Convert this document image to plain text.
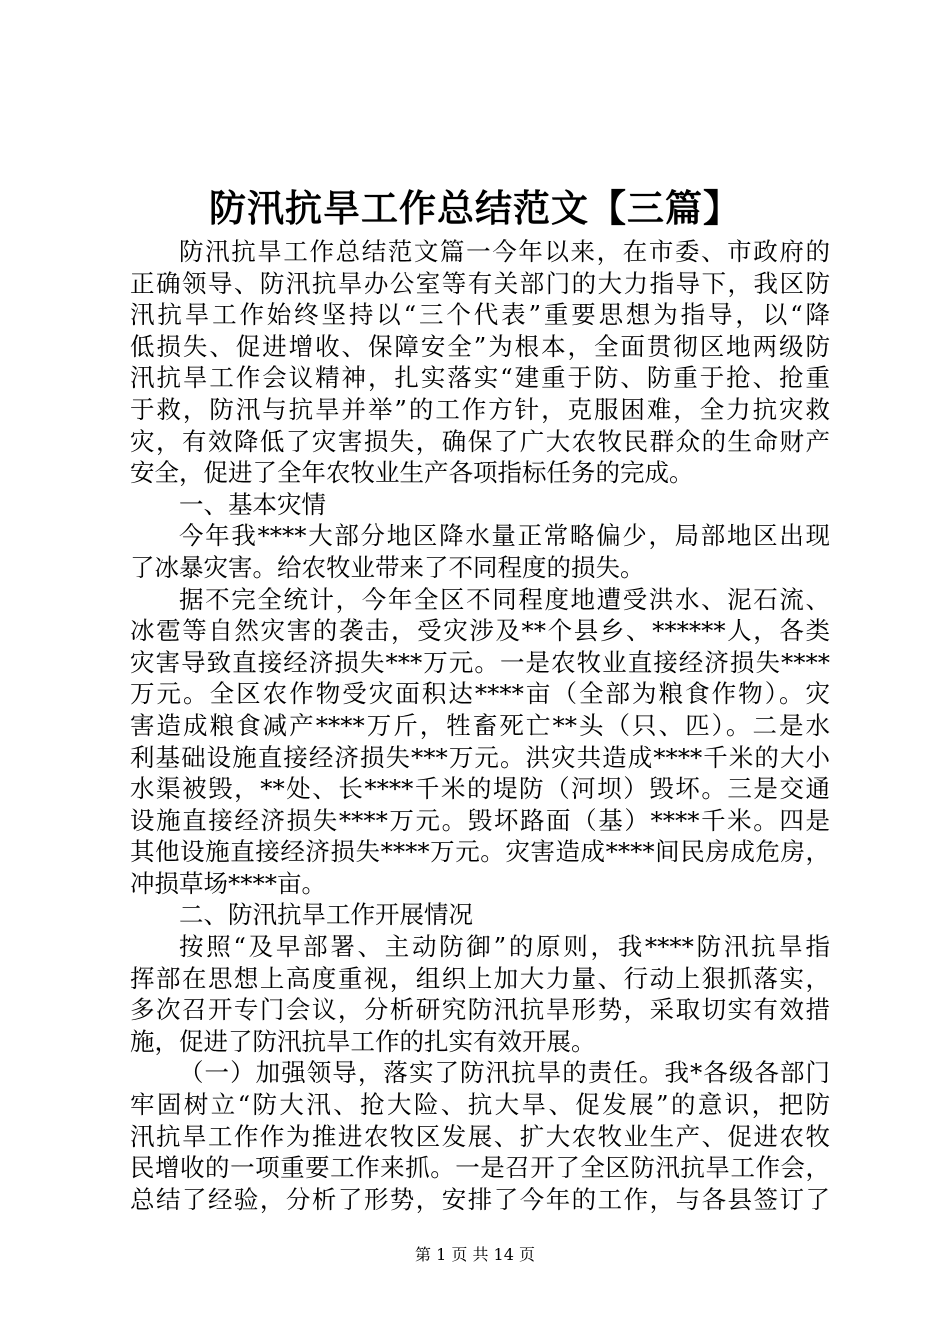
防汛抗旱工作总结范文【三篇】
防汛抗旱工作总结范文篇一今年以来，在市委、市政府的
正确领导、防汛抗旱办公室等有关部门的大力指导下，我区防
汛抗旱工作始终坚持以“三个代表”重要思想为指导，以“降
低损失、促进增收、保障安全”为根本，全面贯彻区地两级防
汛抗旱工作会议精神，扎实落实“建重于防、防重于抢、抢重
于救，防汛与抗旱并举”的工作方针，克服困难，全力抗灾救
灾，有效降低了灾害损失，确保了广大农牧民群众的生命财产
安全，促进了全年农牧业生产各项指标任务的完成。
一、基本灾情
今年我****大部分地区降水量正常略偏少，局部地区出现
了冰暴灾害。给农牧业带来了不同程度的损失。
据不完全统计，今年全区不同程度地遭受洪水、泥石流、
冰雹等自然灾害的袭击，受灾涉及**个县乡、******人，各类
灾害导致直接经济损失***万元。一是农牧业直接经济损失****
万元。全区农作物受灾面积达****亩（全部为粮食作物）。灾
害造成粮食减产****万斤，牲畜死亡**头（只、匹）。二是水
利基础设施直接经济损失***万元。洪灾共造成****千米的大小
水渠被毁，**处、长****千米的堤防（河坝）毁坏。三是交通
设施直接经济损失****万元。毁坏路面（基）****千米。四是
其他设施直接经济损失****万元。灾害造成****间民房成危房，
冲损草场****亩。
二、防汛抗旱工作开展情况
按照“及早部署、主动防御”的原则，我****防汛抗旱指
挥部在思想上高度重视，组织上加大力量、行动上狠抓落实，
多次召开专门会议，分析研究防汛抗旱形势，采取切实有效措
施，促进了防汛抗旱工作的扎实有效开展。
（一）加强领导，落实了防汛抗旱的责任。我*各级各部门
牢固树立“防大汛、抢大险、抗大旱、促发展”的意识，把防
汛抗旱工作作为推进农牧区发展、扩大农牧业生产、促进农牧
民增收的一项重要工作来抓。一是召开了全区防汛抗旱工作会，
总结了经验，分析了形势，安排了今年的工作，与各县签订了
第 1 页 共 14 页
